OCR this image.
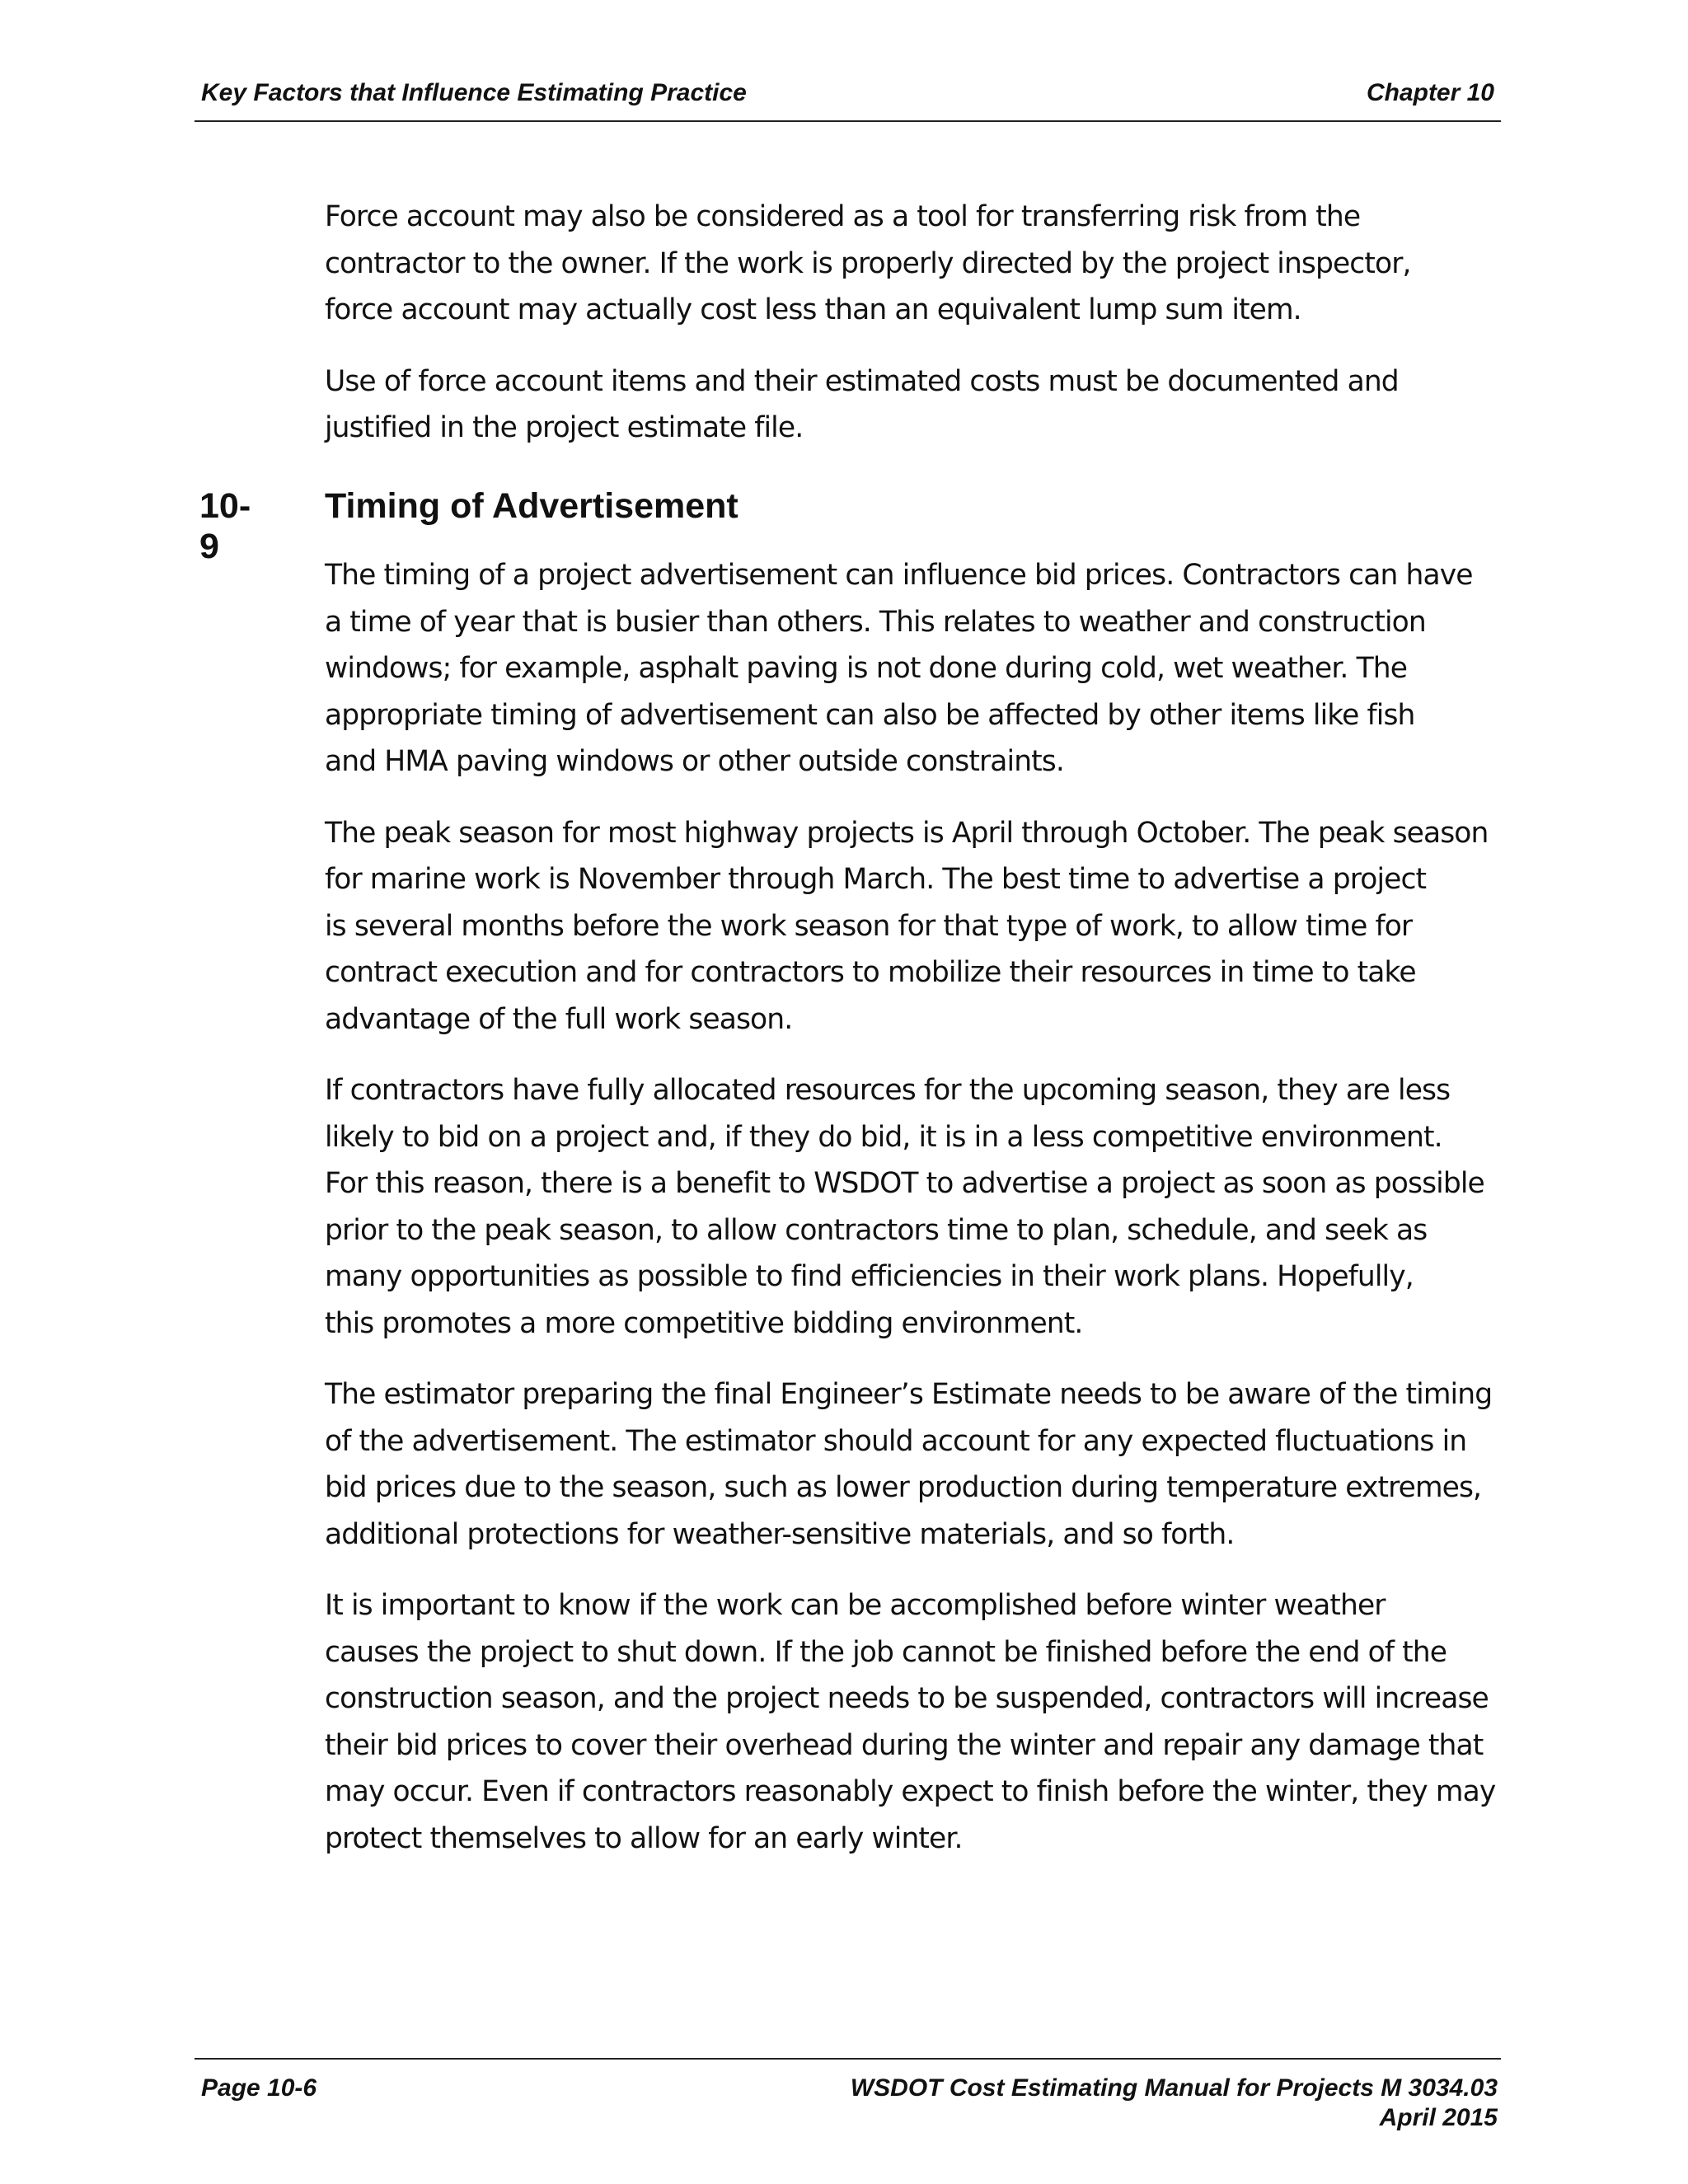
Key Factors that Influence Estimating Practice	Chapter 10

Force account may also be considered as a tool for transferring risk from the
contractor to the owner. If the work is properly directed by the project inspector,
force account may actually cost less than an equivalent lump sum item.

Use of force account items and their estimated costs must be documented and
justified in the project estimate file.

10-9
Timing of Advertisement

The timing of a project advertisement can influence bid prices. Contractors can have
a time of year that is busier than others. This relates to weather and construction
windows; for example, asphalt paving is not done during cold, wet weather. The
appropriate timing of advertisement can also be affected by other items like fish
and HMA paving windows or other outside constraints.

The peak season for most highway projects is April through October. The peak season
for marine work is November through March. The best time to advertise a project
is several months before the work season for that type of work, to allow time for
contract execution and for contractors to mobilize their resources in time to take
advantage of the full work season.

If contractors have fully allocated resources for the upcoming season, they are less
likely to bid on a project and, if they do bid, it is in a less competitive environment.
For this reason, there is a benefit to WSDOT to advertise a project as soon as possible
prior to the peak season, to allow contractors time to plan, schedule, and seek as
many opportunities as possible to find efficiencies in their work plans. Hopefully,
this promotes a more competitive bidding environment.

The estimator preparing the final Engineer’s Estimate needs to be aware of the timing
of the advertisement. The estimator should account for any expected fluctuations in
bid prices due to the season, such as lower production during temperature extremes,
additional protections for weather-sensitive materials, and so forth.

It is important to know if the work can be accomplished before winter weather
causes the project to shut down. If the job cannot be finished before the end of the
construction season, and the project needs to be suspended, contractors will increase
their bid prices to cover their overhead during the winter and repair any damage that
may occur. Even if contractors reasonably expect to finish before the winter, they may
protect themselves to allow for an early winter.

Page 10-6	WSDOT Cost Estimating Manual for Projects M 3034.03
April 2015
